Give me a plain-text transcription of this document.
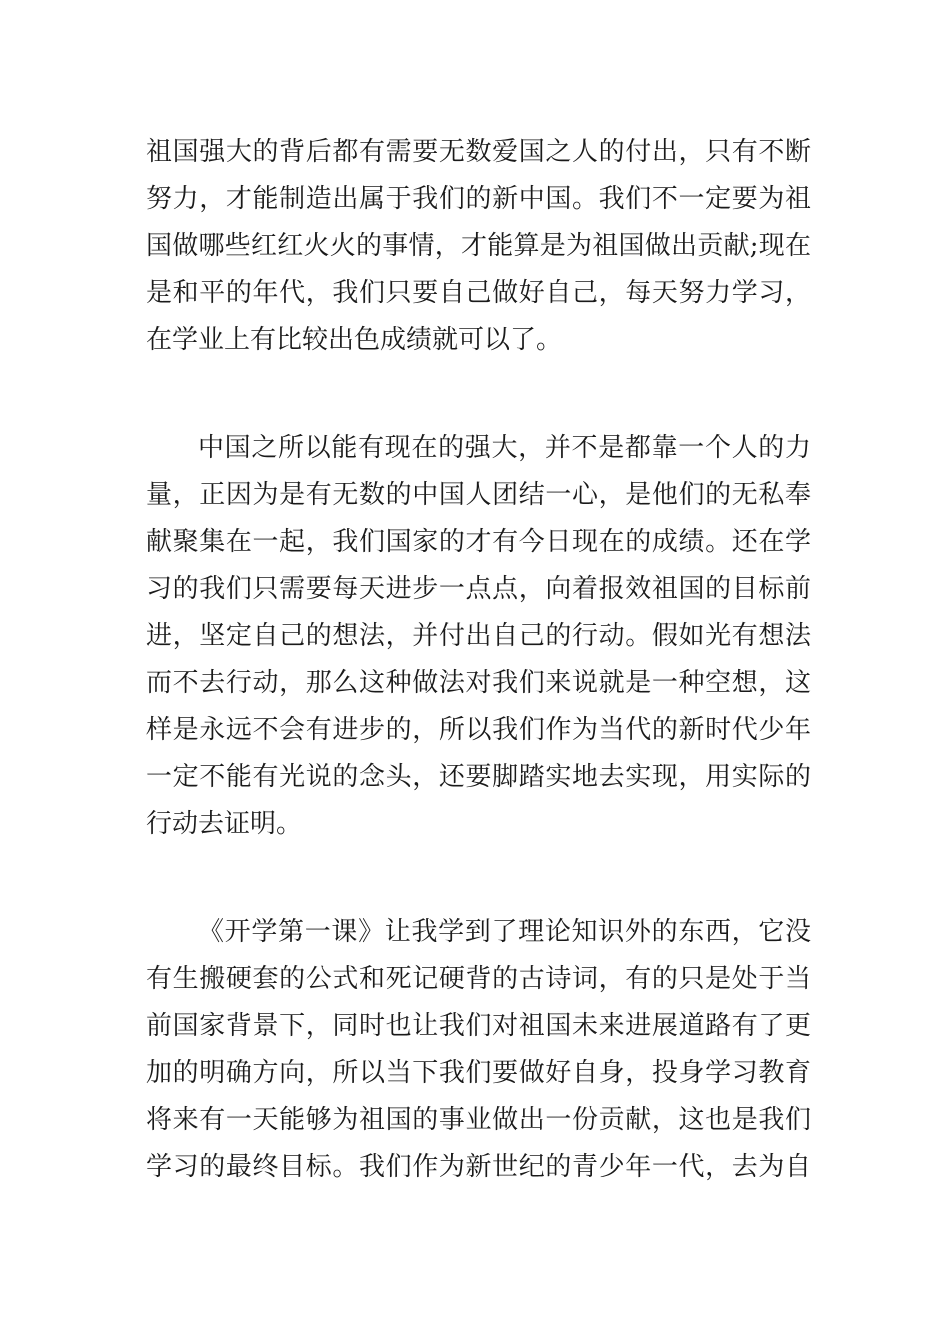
祖国强大的背后都有需要无数爱国之人的付出，只有不断
努力，才能制造出属于我们的新中国。我们不一定要为祖
国做哪些红红火火的事情，才能算是为祖国做出贡献;现在
是和平的年代，我们只要自己做好自己，每天努力学习，
在学业上有比较出色成绩就可以了。
中国之所以能有现在的强大，并不是都靠一个人的力
量，正因为是有无数的中国人团结一心，是他们的无私奉
献聚集在一起，我们国家的才有今日现在的成绩。还在学
习的我们只需要每天进步一点点，向着报效祖国的目标前
进，坚定自己的想法，并付出自己的行动。假如光有想法
而不去行动，那么这种做法对我们来说就是一种空想，这
样是永远不会有进步的，所以我们作为当代的新时代少年
一定不能有光说的念头，还要脚踏实地去实现，用实际的
行动去证明。
《开学第一课》让我学到了理论知识外的东西，它没
有生搬硬套的公式和死记硬背的古诗词，有的只是处于当
前国家背景下，同时也让我们对祖国未来进展道路有了更
加的明确方向，所以当下我们要做好自身，投身学习教育
将来有一天能够为祖国的事业做出一份贡献，这也是我们
学习的最终目标。我们作为新世纪的青少年一代，去为自
